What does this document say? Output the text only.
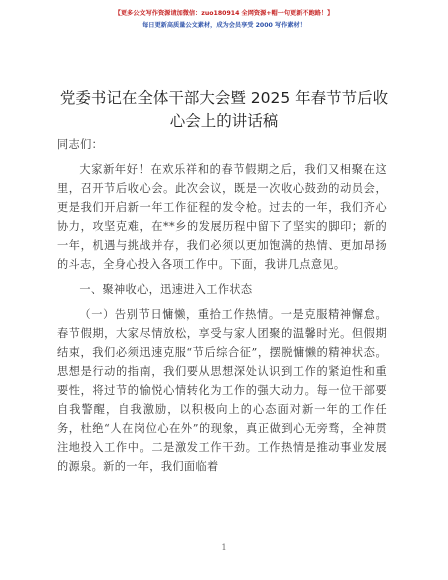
【更多公文写作资源请加微信：zuo180914 全网资源+帽一句更新不跑路！】
每日更新高质量公文素材，成为会员享受 2000 写作素材！
党委书记在全体干部大会暨 2025 年春节节后收
心会上的讲话稿

同志们：

大家新年好！在欢乐祥和的春节假期之后，我们又相聚在这里，召开节后收心会。此次会议，既是一次收心鼓劲的动员会，更是我们开启新一年工作征程的发令枪。过去的一年，我们齐心协力，攻坚克难，在**乡的发展历程中留下了坚实的脚印；新的一年，机遇与挑战并存，我们必须以更加饱满的热情、更加昂扬的斗志，全身心投入各项工作中。下面，我讲几点意见。

一、聚神收心，迅速进入工作状态

（一）告别节日慵懒，重拾工作热情。一是克服精神懈怠。春节假期，大家尽情放松，享受与家人团聚的温馨时光。但假期结束，我们必须迅速克服“节后综合征”，摆脱慵懒的精神状态。思想是行动的指南，我们要从思想深处认识到工作的紧迫性和重要性，将过节的愉悦心情转化为工作的强大动力。每一位干部要自我警醒，自我激励，以积极向上的心态面对新一年的工作任务，杜绝“人在岗位心在外”的现象，真正做到心无旁骛，全神贯注地投入工作中。二是激发工作干劲。工作热情是推动事业发展的源泉。新的一年，我们面临着

1
